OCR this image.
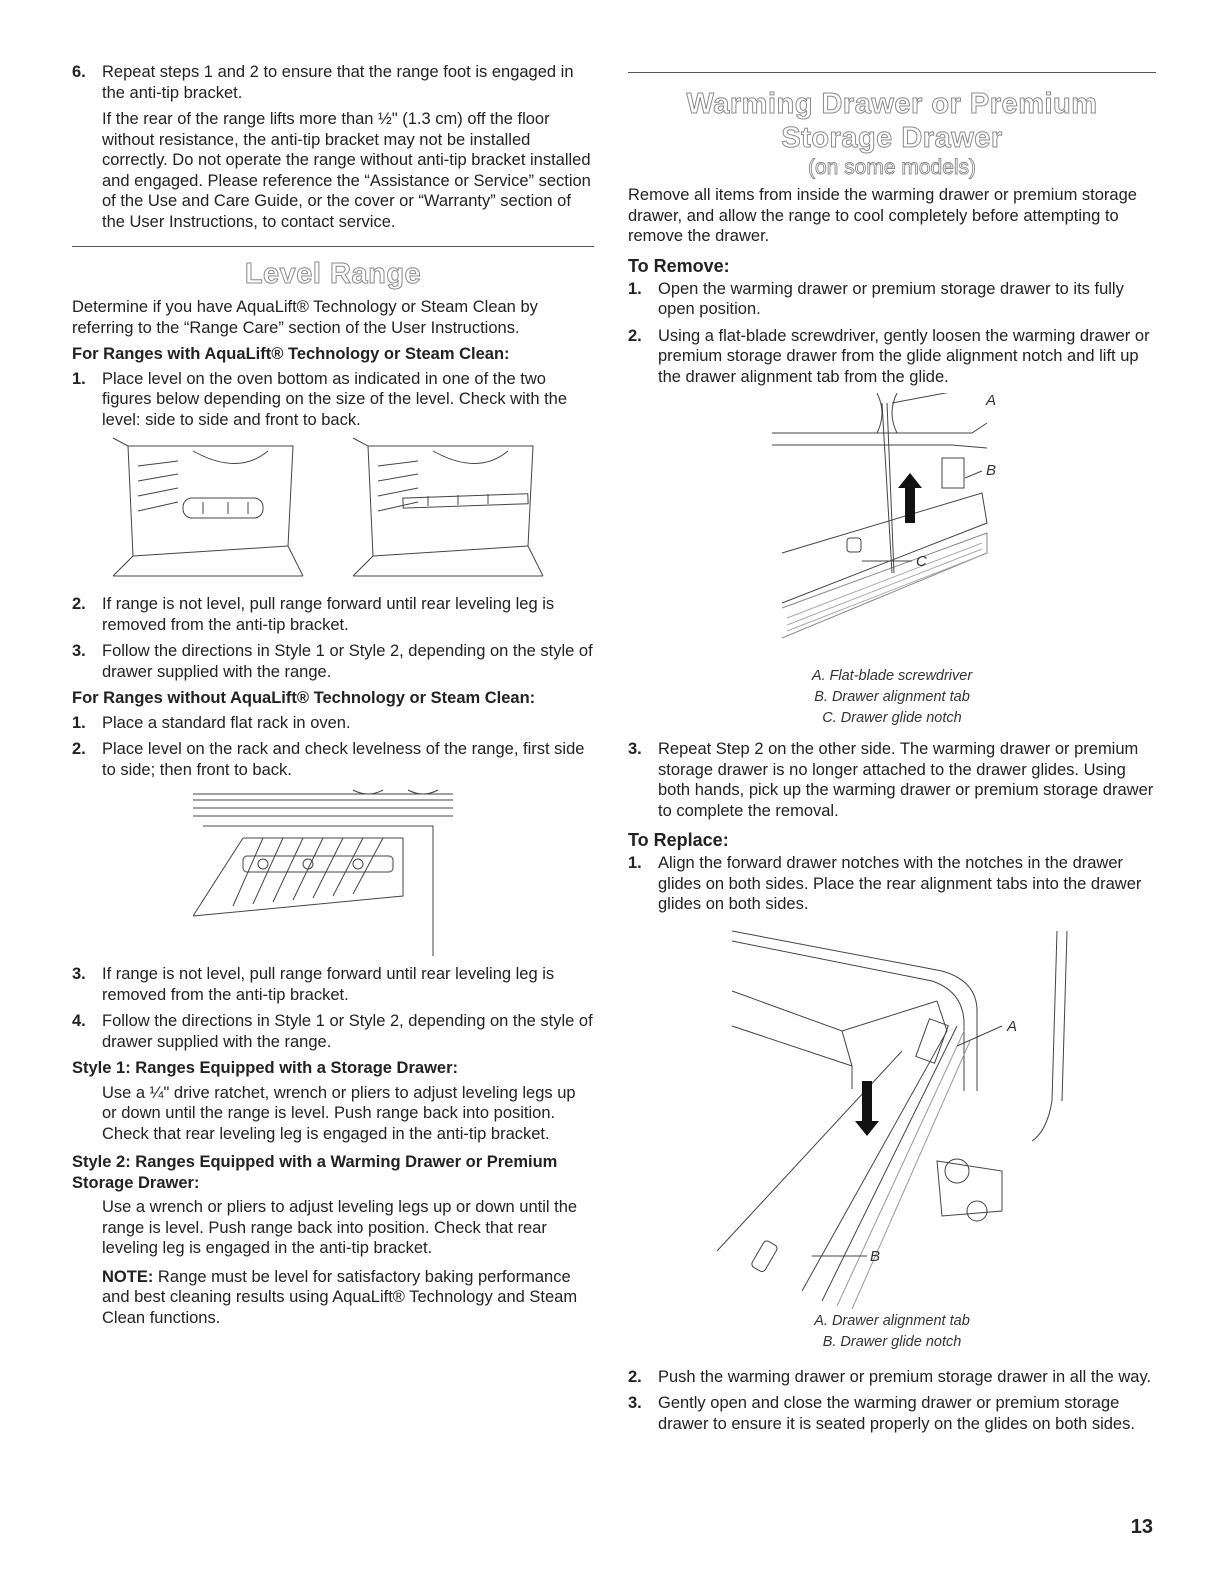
6. Repeat steps 1 and 2 to ensure that the range foot is engaged in the anti-tip bracket.

If the rear of the range lifts more than ½" (1.3 cm) off the floor without resistance, the anti-tip bracket may not be installed correctly. Do not operate the range without anti-tip bracket installed and engaged. Please reference the “Assistance or Service” section of the Use and Care Guide, or the cover or “Warranty” section of the User Instructions, to contact service.

Level Range

Determine if you have AquaLift® Technology or Steam Clean by referring to the “Range Care” section of the User Instructions.

For Ranges with AquaLift® Technology or Steam Clean:

1. Place level on the oven bottom as indicated in one of the two figures below depending on the size of the level. Check with the level: side to side and front to back.
2. If range is not level, pull range forward until rear leveling leg is removed from the anti-tip bracket.
3. Follow the directions in Style 1 or Style 2, depending on the style of drawer supplied with the range.

For Ranges without AquaLift® Technology or Steam Clean:

1. Place a standard flat rack in oven.
2. Place level on the rack and check levelness of the range, first side to side; then front to back.
3. If range is not level, pull range forward until rear leveling leg is removed from the anti-tip bracket.
4. Follow the directions in Style 1 or Style 2, depending on the style of drawer supplied with the range.

Style 1: Ranges Equipped with a Storage Drawer:

Use a ¼" drive ratchet, wrench or pliers to adjust leveling legs up or down until the range is level. Push range back into position. Check that rear leveling leg is engaged in the anti-tip bracket.

Style 2: Ranges Equipped with a Warming Drawer or Premium Storage Drawer:

Use a wrench or pliers to adjust leveling legs up or down until the range is level. Push range back into position. Check that rear leveling leg is engaged in the anti-tip bracket.

NOTE: Range must be level for satisfactory baking performance and best cleaning results using AquaLift® Technology and Steam Clean functions.

Warming Drawer or Premium Storage Drawer
(on some models)

Remove all items from inside the warming drawer or premium storage drawer, and allow the range to cool completely before attempting to remove the drawer.

To Remove:

1. Open the warming drawer or premium storage drawer to its fully open position.
2. Using a flat-blade screwdriver, gently loosen the warming drawer or premium storage drawer from the glide alignment notch and lift up the drawer alignment tab from the glide.
A
B
C
A. Flat-blade screwdriver
B. Drawer alignment tab
C. Drawer glide notch
3. Repeat Step 2 on the other side. The warming drawer or premium storage drawer is no longer attached to the drawer glides. Using both hands, pick up the warming drawer or premium storage drawer to complete the removal.

To Replace:

1. Align the forward drawer notches with the notches in the drawer glides on both sides. Place the rear alignment tabs into the drawer glides on both sides.
A
B
A. Drawer alignment tab
B. Drawer glide notch
2. Push the warming drawer or premium storage drawer in all the way.
3. Gently open and close the warming drawer or premium storage drawer to ensure it is seated properly on the glides on both sides.
13
